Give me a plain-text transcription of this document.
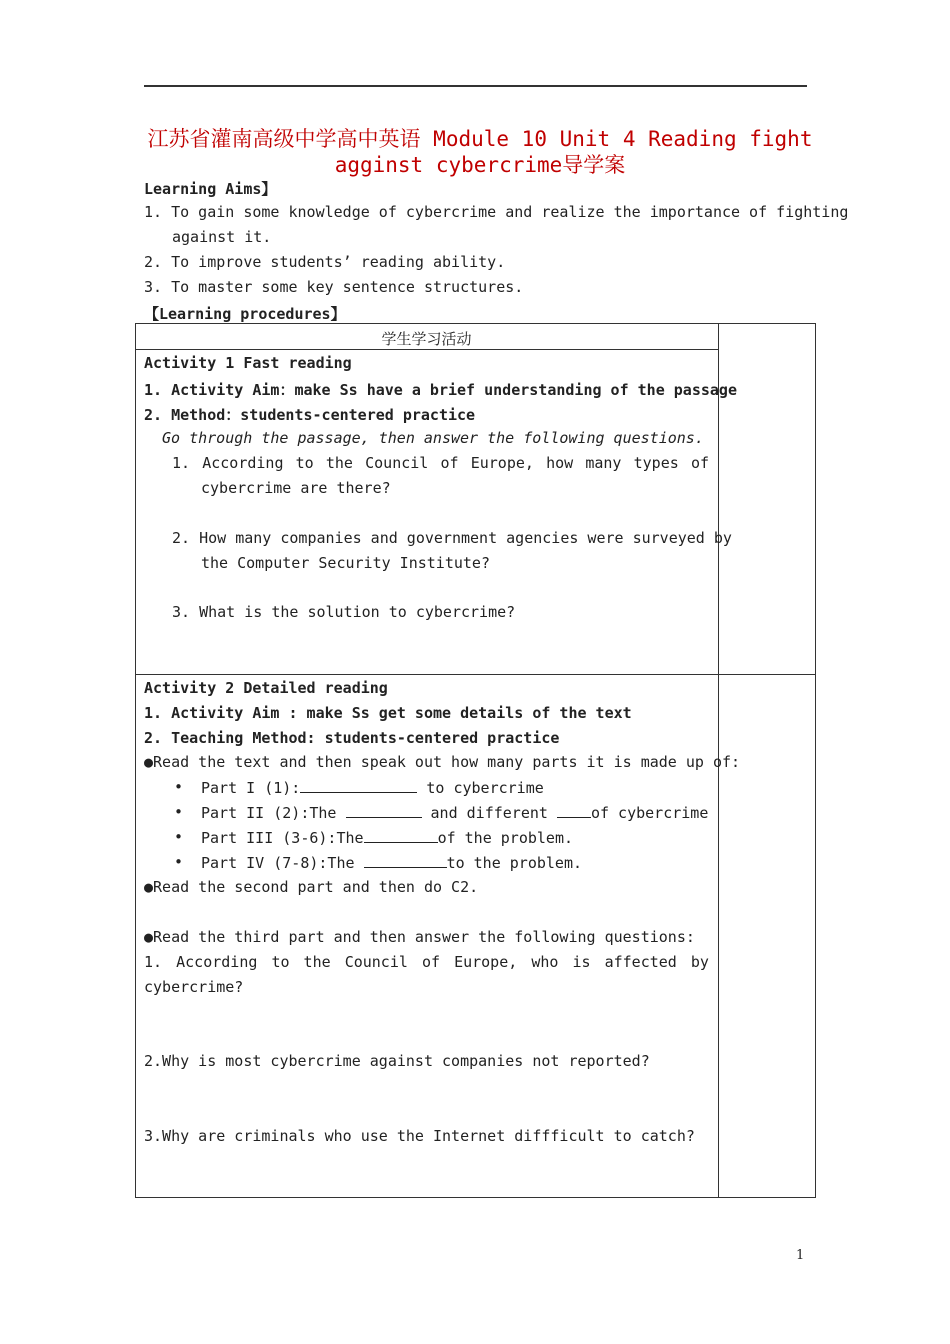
江苏省灌南高级中学高中英语 Module 10 Unit 4 Reading fight
agginst cybercrime导学案
Learning Aims】
1. To gain some knowledge of cybercrime and realize the importance of fighting
against it.
2. To improve students’ reading ability.
3. To master some key sentence structures.
【Learning procedures】
学生学习活动
Activity 1 Fast reading
1. Activity Aim：make Ss have a brief understanding of the passage
2. Method：students-centered practice
Go through the passage, then answer the following questions.
1. According to the Council of Europe, how many types of
cybercrime are there?
2. How many companies and government agencies were surveyed by
the Computer Security Institute?
3. What is the solution to cybercrime?
Activity 2 Detailed reading
1. Activity Aim : make Ss get some details of the text
2. Teaching Method: students-centered practice
●Read the text and then speak out how many parts it is made up of:
• Part I (1):	to cybercrime
• Part II (2):The	and different of cybercrime
• Part III (3-6):The	of the problem.
• Part IV (7-8):The	to the problem.
●Read the second part and then do C2.
●Read the third part and then answer the following questions:
1. According to the Council of Europe, who is affected by
cybercrime?
2.Why is most cybercrime against companies not reported?
3.Why are criminals who use the Internet diffficult to catch?
1
